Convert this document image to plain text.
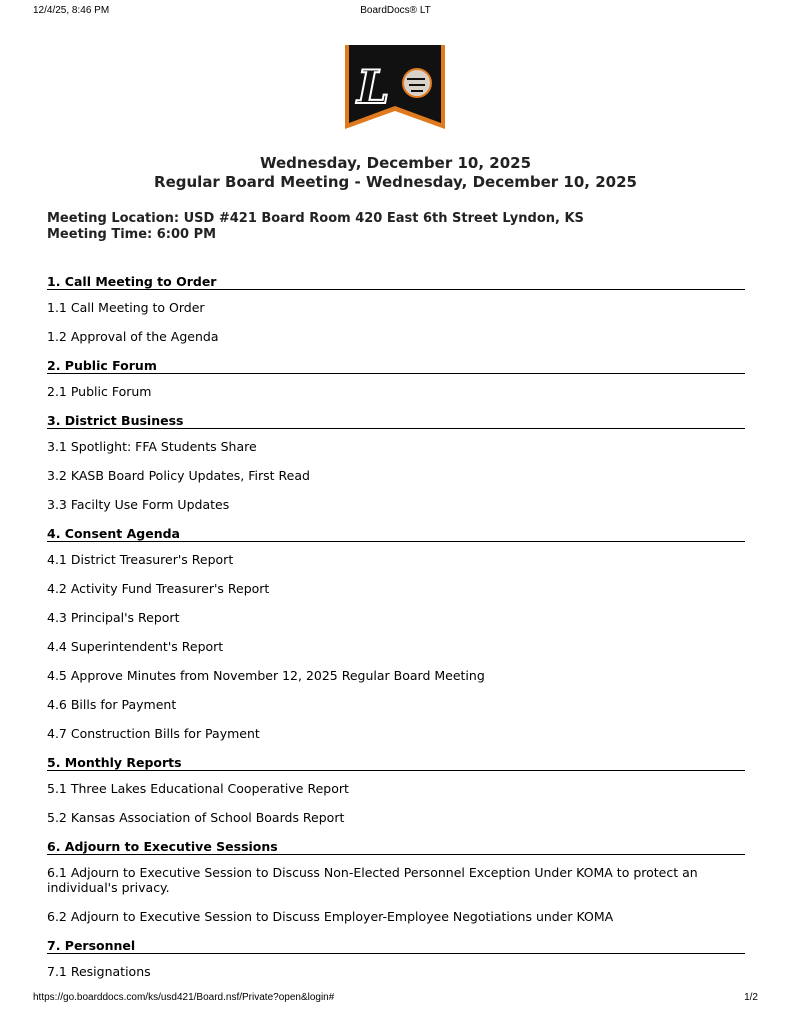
12/4/25, 8:46 PM	BoardDocs® LT
L
Wednesday, December 10, 2025
Regular Board Meeting - Wednesday, December 10, 2025
Meeting Location: USD #421 Board Room 420 East 6th Street Lyndon, KS
Meeting Time: 6:00 PM
1. Call Meeting to Order
1.1 Call Meeting to Order
1.2 Approval of the Agenda
2. Public Forum
2.1 Public Forum
3. District Business
3.1 Spotlight: FFA Students Share
3.2 KASB Board Policy Updates, First Read
3.3 Facilty Use Form Updates
4. Consent Agenda
4.1 District Treasurer's Report
4.2 Activity Fund Treasurer's Report
4.3 Principal's Report
4.4 Superintendent's Report
4.5 Approve Minutes from November 12, 2025 Regular Board Meeting
4.6 Bills for Payment
4.7 Construction Bills for Payment
5. Monthly Reports
5.1 Three Lakes Educational Cooperative Report
5.2 Kansas Association of School Boards Report
6. Adjourn to Executive Sessions
6.1 Adjourn to Executive Session to Discuss Non-Elected Personnel Exception Under KOMA to protect an individual's privacy.
6.2 Adjourn to Executive Session to Discuss Employer-Employee Negotiations under KOMA
7. Personnel
7.1 Resignations
https://go.boarddocs.com/ks/usd421/Board.nsf/Private?open&login#	1/2
